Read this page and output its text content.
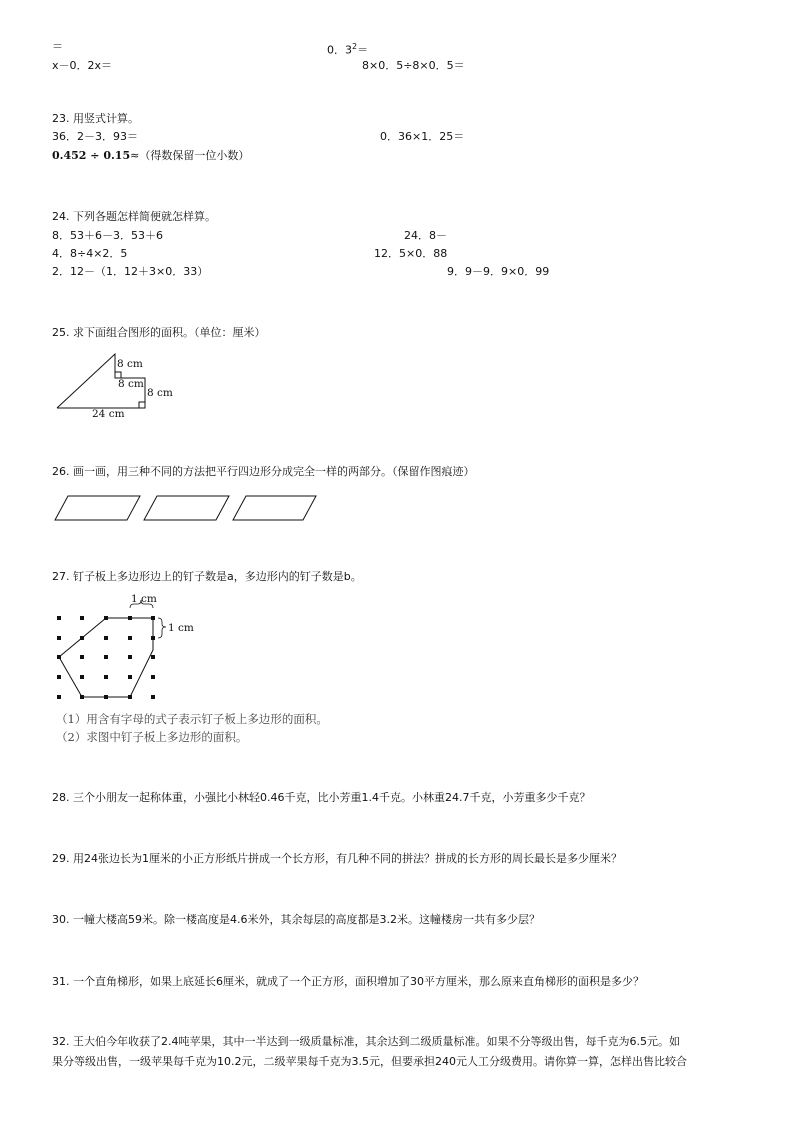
＝	0．$3^2=$
x－0．2x＝	8×0．5÷8×0．5＝
23. 用竖式计算。
36．2－3．93＝	0．36×1．25＝
0.452 ÷ 0.15≈（得数保留一位小数）
24. 下列各题怎样简便就怎样算。
8．53＋6－3．53＋6	24．8－
4．8÷4×2．5	12．5×0．88
2．12－（1．12＋3×0．33）	9．9－9．9×0．99
25. 求下面组合图形的面积。（单位：厘米）
8 cm
8 cm
8 cm
24 cm
26. 画一画，用三种不同的方法把平行四边形分成完全一样的两部分。（保留作图痕迹）
27. 钉子板上多边形边上的钉子数是a，多边形内的钉子数是b。
1 cm
1 cm
（1）用含有字母的式子表示钉子板上多边形的面积。
（2）求图中钉子板上多边形的面积。
28. 三个小朋友一起称体重，小强比小林轻0.46千克，比小芳重1.4千克。小林重24.7千克，小芳重多少千克？
29. 用24张边长为1厘米的小正方形纸片拼成一个长方形，有几种不同的拼法？拼成的长方形的周长最长是多少厘米？
30. 一幢大楼高59米。除一楼高度是4.6米外，其余每层的高度都是3.2米。这幢楼房一共有多少层？
31. 一个直角梯形，如果上底延长6厘米，就成了一个正方形，面积增加了30平方厘米，那么原来直角梯形的面积是多少？
32. 王大伯今年收获了2.4吨苹果，其中一半达到一级质量标准，其余达到二级质量标准。如果不分等级出售，每千克为6.5元。如
果分等级出售，一级苹果每千克为10.2元，二级苹果每千克为3.5元，但要承担240元人工分级费用。请你算一算，怎样出售比较合
